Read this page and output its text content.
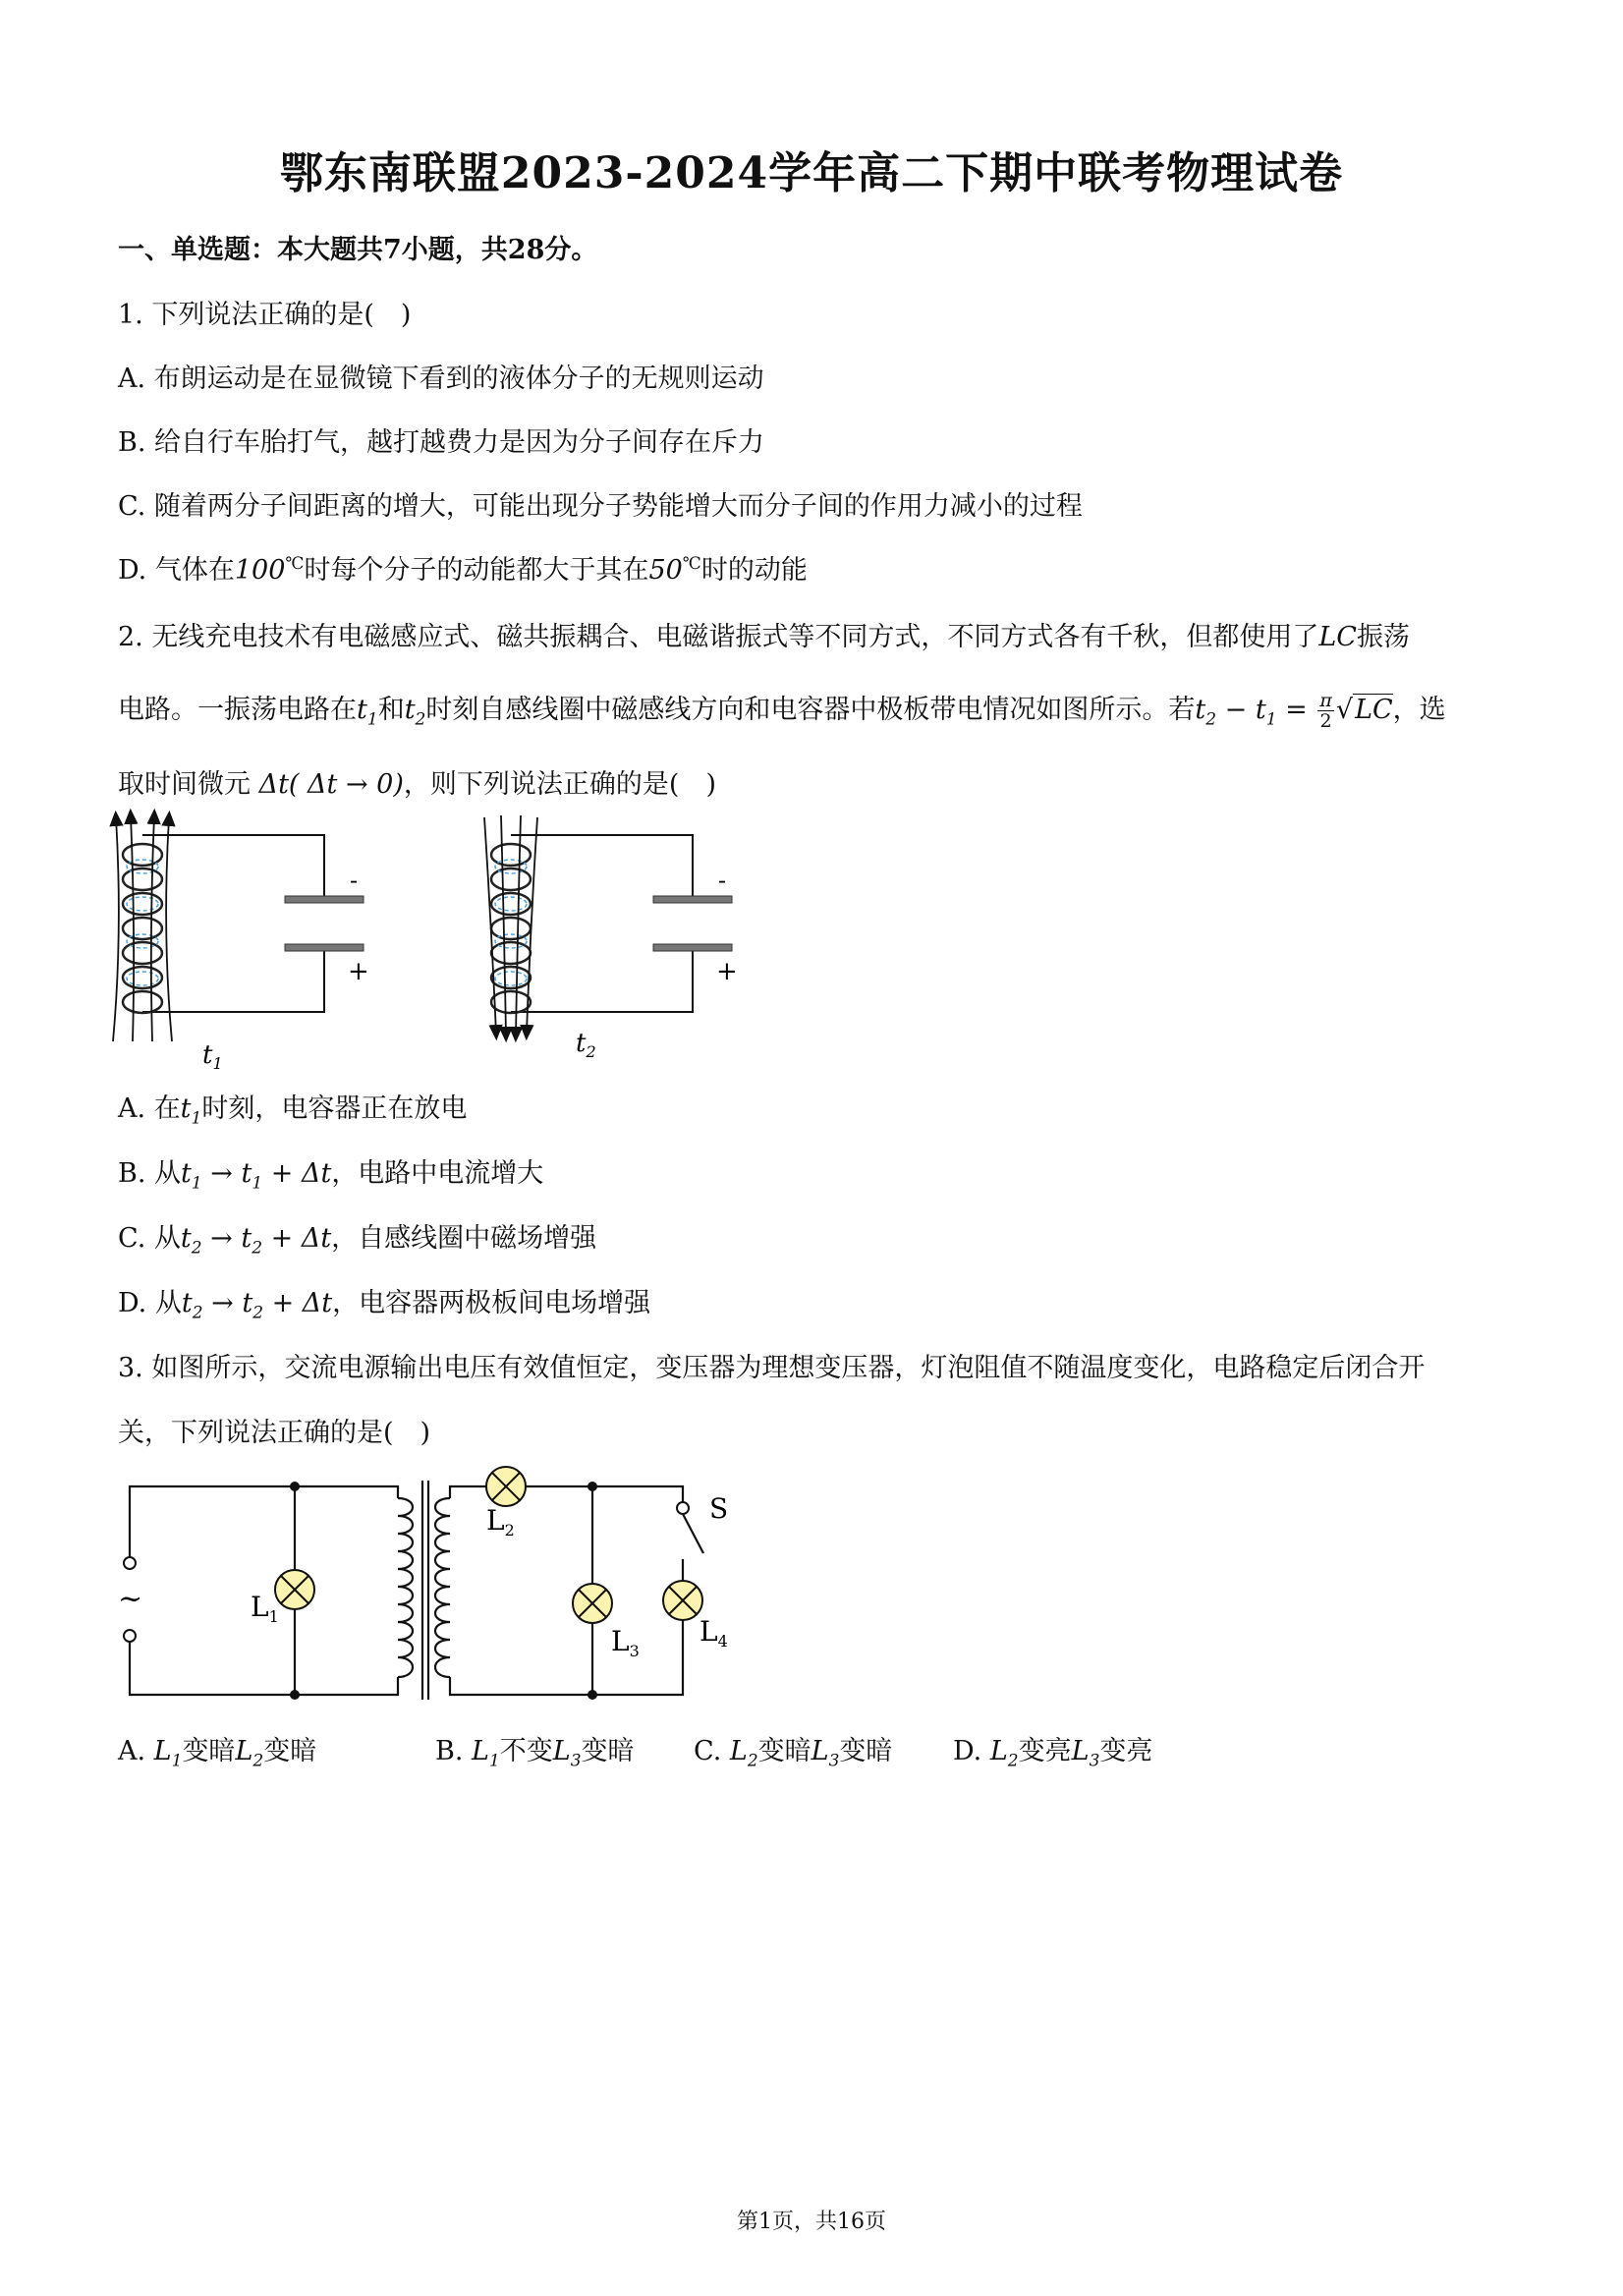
鄂东南联盟2023-2024学年高二下期中联考物理试卷
一、单选题：本大题共7小题，共28分。
1. 下列说法正确的是(　)
A. 布朗运动是在显微镜下看到的液体分子的无规则运动
B. 给自行车胎打气，越打越费力是因为分子间存在斥力
C. 随着两分子间距离的增大，可能出现分子势能增大而分子间的作用力减小的过程
D. 气体在100℃时每个分子的动能都大于其在50℃时的动能
2. 无线充电技术有电磁感应式、磁共振耦合、电磁谐振式等不同方式，不同方式各有千秋，但都使用了LC振荡
电路。一振荡电路在$t_1$和$t_2$时刻自感线圈中磁感线方向和电容器中极板带电情况如图所示。若$t_2 - t_1 = \frac{\pi}{2} √LC$，选
取时间微元 Δt( Δt → 0)，则下列说法正确的是(　)
-
+
-
+
$t_1$
$t_2$
A. 在$t_1$时刻，电容器正在放电
B. 从$t_1 \to t_1 + \Delta t$，电路中电流增大
C. 从$t_2 \to t_2 + \Delta t$，自感线圈中磁场增强
D. 从$t_2 \to t_2 + \Delta t$，电容器两极板间电场增强
3. 如图所示，交流电源输出电压有效值恒定，变压器为理想变压器，灯泡阻值不随温度变化，电路稳定后闭合开
关，下列说法正确的是(　)
~	$L_1$
$L_2$
$L_3$
$L_4$
S
A. $L_1$变暗$L_2$变暗	B. $L_1$不变$L_3$变暗 C. $L_2$变暗$L_3$变暗 D. $L_2$变亮$L_3$变亮
第1页，共16页
